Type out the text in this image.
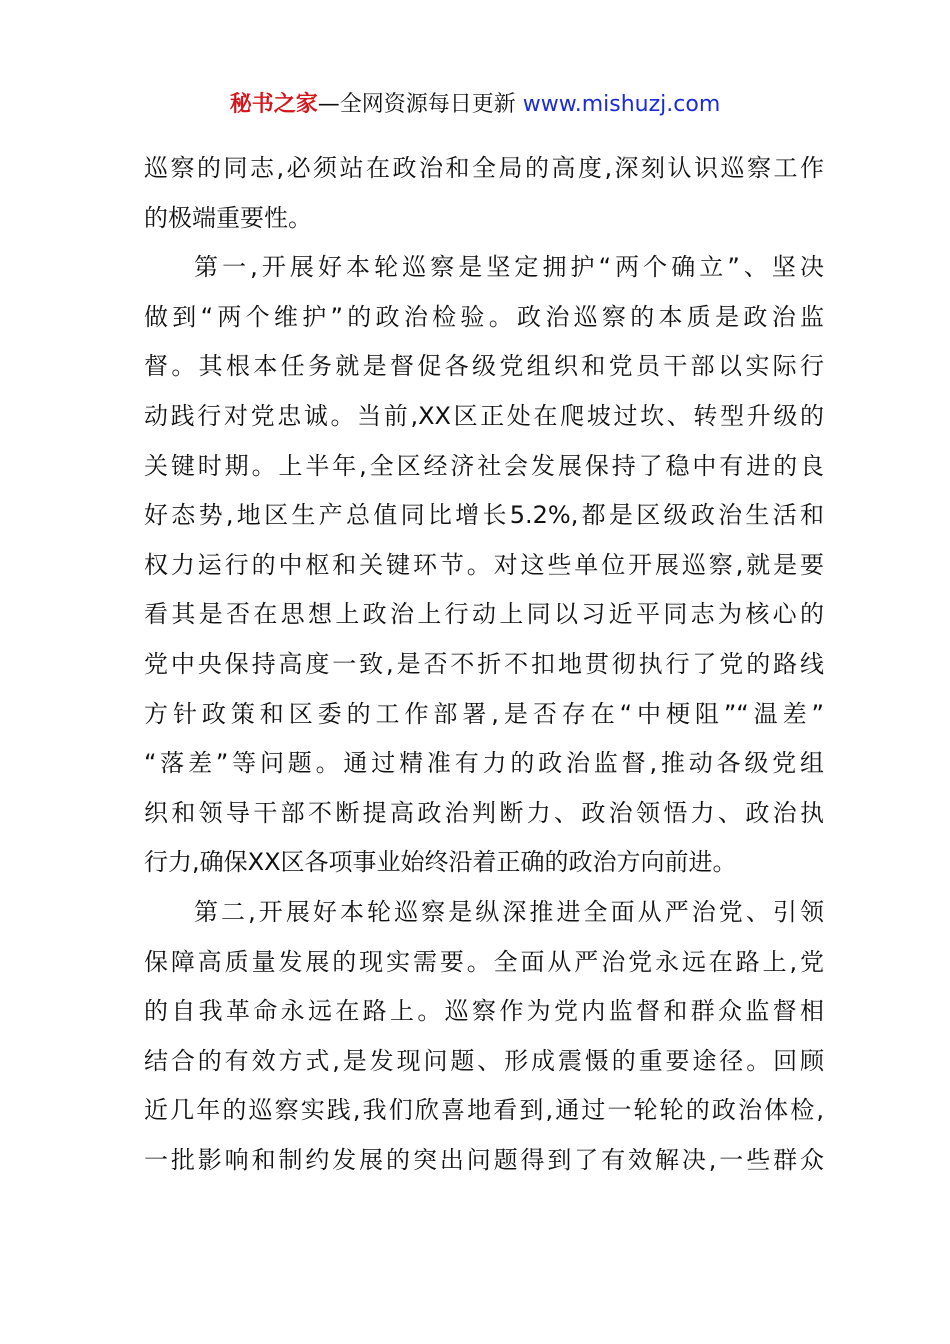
秘书之家—全网资源每日更新 www.mishuzj.com
巡察的同志,必须站在政治和全局的高度,深刻认识巡察工作
的极端重要性。
第一,开展好本轮巡察是坚定拥护“两个确立”、坚决
做到“两个维护”的政治检验。政治巡察的本质是政治监
督。其根本任务就是督促各级党组织和党员干部以实际行
动践行对党忠诚。当前,XX区正处在爬坡过坎、转型升级的
关键时期。上半年,全区经济社会发展保持了稳中有进的良
好态势,地区生产总值同比增长5.2%,都是区级政治生活和
权力运行的中枢和关键环节。对这些单位开展巡察,就是要
看其是否在思想上政治上行动上同以习近平同志为核心的
党中央保持高度一致,是否不折不扣地贯彻执行了党的路线
方针政策和区委的工作部署,是否存在“中梗阻”“温差”
“落差”等问题。通过精准有力的政治监督,推动各级党组
织和领导干部不断提高政治判断力、政治领悟力、政治执
行力,确保XX区各项事业始终沿着正确的政治方向前进。
第二,开展好本轮巡察是纵深推进全面从严治党、引领
保障高质量发展的现实需要。全面从严治党永远在路上,党
的自我革命永远在路上。巡察作为党内监督和群众监督相
结合的有效方式,是发现问题、形成震慑的重要途径。回顾
近几年的巡察实践,我们欣喜地看到,通过一轮轮的政治体检,
一批影响和制约发展的突出问题得到了有效解决,一些群众
